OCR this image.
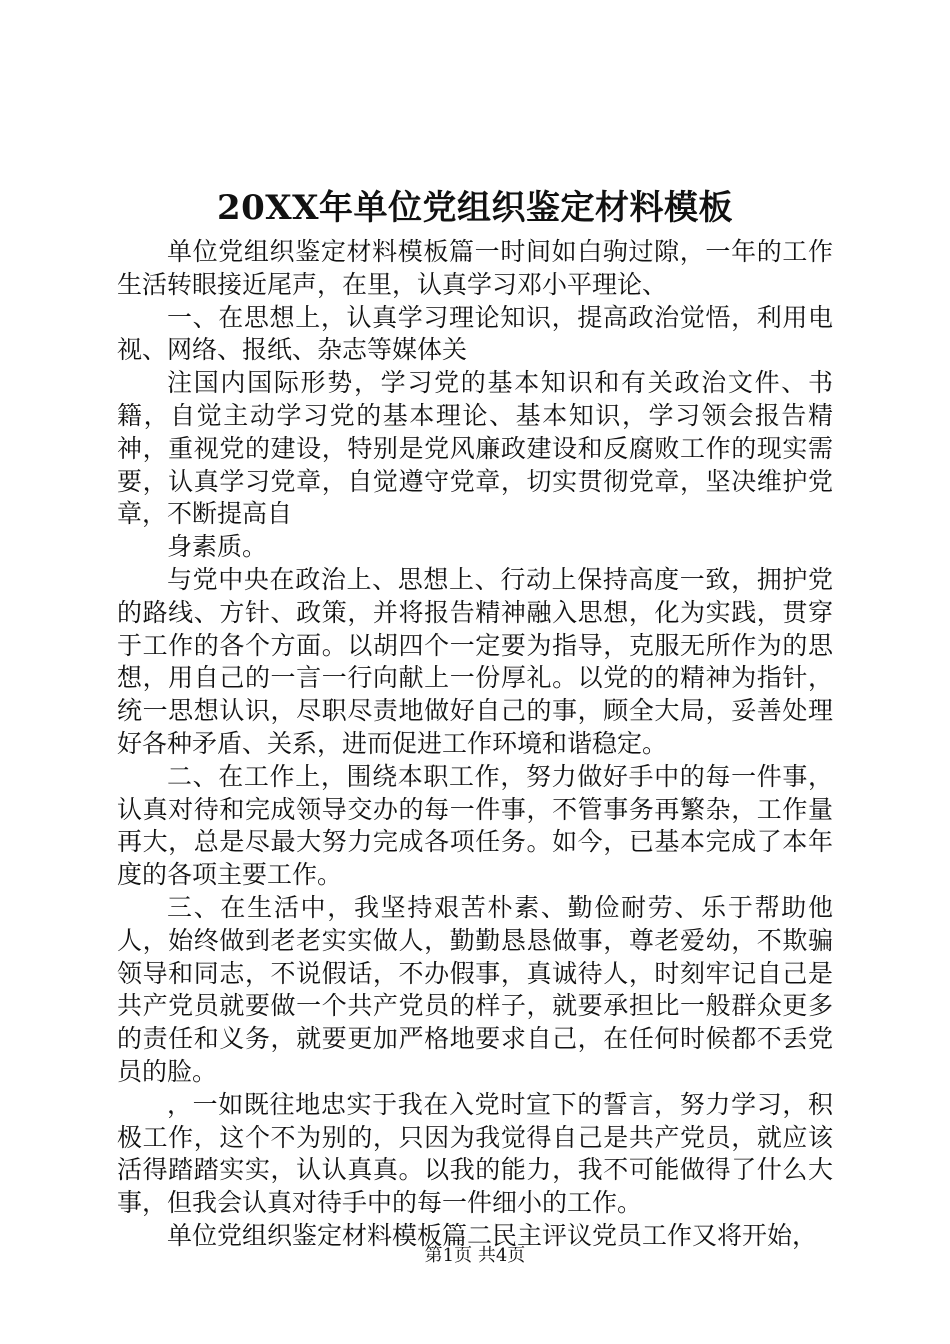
20XX年单位党组织鉴定材料模板

单位党组织鉴定材料模板篇一时间如白驹过隙，一年的工作生活转眼接近尾声，在里，认真学习邓小平理论、

一、在思想上，认真学习理论知识，提高政治觉悟，利用电视、网络、报纸、杂志等媒体关

注国内国际形势，学习党的基本知识和有关政治文件、书籍，自觉主动学习党的基本理论、基本知识，学习领会报告精神，重视党的建设，特别是党风廉政建设和反腐败工作的现实需要，认真学习党章，自觉遵守党章，切实贯彻党章，坚决维护党章，不断提高自

身素质。

与党中央在政治上、思想上、行动上保持高度一致，拥护党的路线、方针、政策，并将报告精神融入思想，化为实践，贯穿于工作的各个方面。以胡四个一定要为指导，克服无所作为的思想，用自己的一言一行向献上一份厚礼。以党的的精神为指针，统一思想认识，尽职尽责地做好自己的事，顾全大局，妥善处理好各种矛盾、关系，进而促进工作环境和谐稳定。

二、在工作上，围绕本职工作，努力做好手中的每一件事，认真对待和完成领导交办的每一件事，不管事务再繁杂，工作量再大，总是尽最大努力完成各项任务。如今，已基本完成了本年度的各项主要工作。

三、在生活中，我坚持艰苦朴素、勤俭耐劳、乐于帮助他人，始终做到老老实实做人，勤勤恳恳做事，尊老爱幼，不欺骗领导和同志，不说假话，不办假事，真诚待人，时刻牢记自己是共产党员就要做一个共产党员的样子，就要承担比一般群众更多的责任和义务，就要更加严格地要求自己，在任何时候都不丢党员的脸。

，一如既往地忠实于我在入党时宣下的誓言，努力学习，积极工作，这个不为别的，只因为我觉得自己是共产党员，就应该活得踏踏实实，认认真真。以我的能力，我不可能做得了什么大事，但我会认真对待手中的每一件细小的工作。

单位党组织鉴定材料模板篇二民主评议党员工作又将开始，

第1页 共4页
